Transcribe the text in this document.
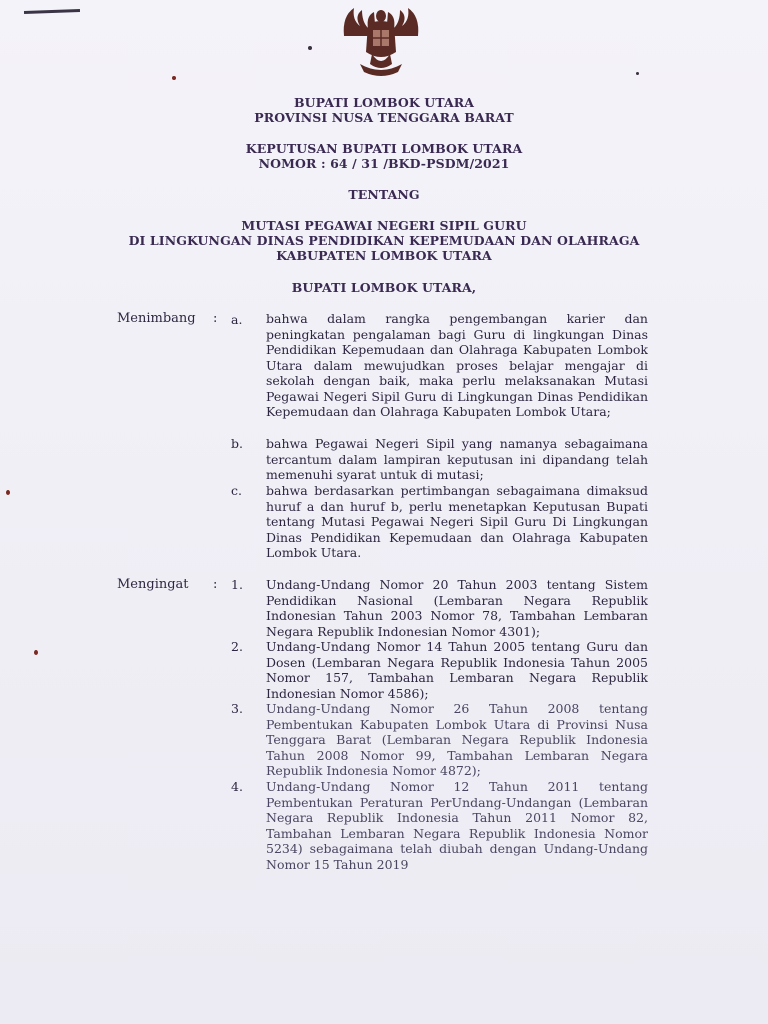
BUPATI LOMBOK UTARA
PROVINSI NUSA TENGGARA BARAT
KEPUTUSAN BUPATI LOMBOK UTARA
NOMOR : 64 / 31 /BKD-PSDM/2021
TENTANG
MUTASI PEGAWAI NEGERI SIPIL GURU
DI LINGKUNGAN DINAS PENDIDIKAN KEPEMUDAAN DAN OLAHRAGA
KABUPATEN LOMBOK UTARA
BUPATI LOMBOK UTARA,
Menimbang : a. bahwa dalam rangka pengembangan karier dan peningkatan pengalaman bagi Guru di lingkungan Dinas Pendidikan Kepemudaan dan Olahraga Kabupaten Lombok Utara dalam mewujudkan proses belajar mengajar di sekolah dengan baik, maka perlu melaksanakan Mutasi Pegawai Negeri Sipil Guru di Lingkungan Dinas Pendidikan Kepemudaan dan Olahraga Kabupaten Lombok Utara;
b. bahwa Pegawai Negeri Sipil yang namanya sebagaimana tercantum dalam lampiran keputusan ini dipandang telah memenuhi syarat untuk di mutasi;
c. bahwa berdasarkan pertimbangan sebagaimana dimaksud huruf a dan huruf b, perlu menetapkan Keputusan Bupati tentang Mutasi Pegawai Negeri Sipil Guru Di Lingkungan Dinas Pendidikan Kepemudaan dan Olahraga Kabupaten Lombok Utara.
Mengingat : 1. Undang-Undang Nomor 20 Tahun 2003 tentang Sistem Pendidikan Nasional (Lembaran Negara Republik Indonesian Tahun 2003 Nomor 78, Tambahan Lembaran Negara Republik Indonesian Nomor 4301);
2. Undang-Undang Nomor 14 Tahun 2005 tentang Guru dan Dosen (Lembaran Negara Republik Indonesia Tahun 2005 Nomor 157, Tambahan Lembaran Negara Republik Indonesian Nomor 4586);
3. Undang-Undang Nomor 26 Tahun 2008 tentang Pembentukan Kabupaten Lombok Utara di Provinsi Nusa Tenggara Barat (Lembaran Negara Republik Indonesia Tahun 2008 Nomor 99, Tambahan Lembaran Negara Republik Indonesia Nomor 4872);
4. Undang-Undang Nomor 12 Tahun 2011 tentang Pembentukan Peraturan PerUndang-Undangan (Lembaran Negara Republik Indonesia Tahun 2011 Nomor 82, Tambahan Lembaran Negara Republik Indonesia Nomor 5234) sebagaimana telah diubah dengan Undang-Undang Nomor 15 Tahun 2019
